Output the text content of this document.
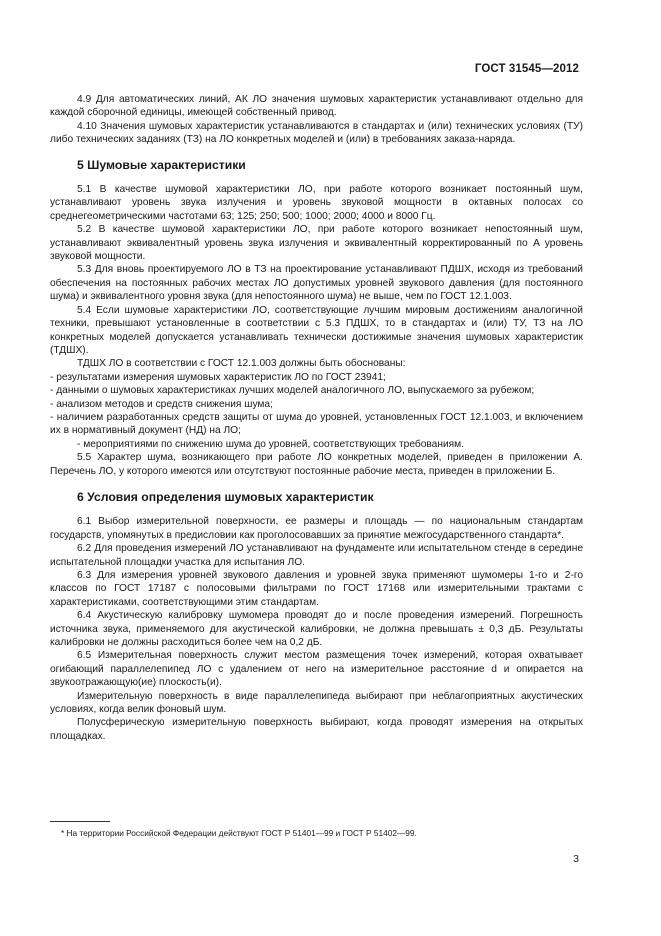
ГОСТ 31545—2012

4.9 Для автоматических линий, АК ЛО значения шумовых характеристик устанавливают отдельно для каждой сборочной единицы, имеющей собственный привод.

4.10 Значения шумовых характеристик устанавливаются в стандартах и (или) технических условиях (ТУ) либо технических заданиях (ТЗ) на ЛО конкретных моделей и (или) в требованиях заказа-наряда.

5 Шумовые характеристики

5.1 В качестве шумовой характеристики ЛО, при работе которого возникает постоянный шум, устанавливают уровень звука излучения и уровень звуковой мощности в октавных полосах со среднегеометрическими частотами 63; 125; 250; 500; 1000; 2000; 4000 и 8000 Гц.

5.2 В качестве шумовой характеристики ЛО, при работе которого возникает непостоянный шум, устанавливают эквивалентный уровень звука излучения и эквивалентный корректированный по A уровень звуковой мощности.

5.3 Для вновь проектируемого ЛО в ТЗ на проектирование устанавливают ПДШХ, исходя из требований обеспечения на постоянных рабочих местах ЛО допустимых уровней звукового давления (для постоянного шума) и эквивалентного уровня звука (для непостоянного шума) не выше, чем по ГОСТ 12.1.003.

5.4 Если шумовые характеристики ЛО, соответствующие лучшим мировым достижениям аналогичной техники, превышают установленные в соответствии с 5.3 ПДШХ, то в стандартах и (или) ТУ, ТЗ на ЛО конкретных моделей допускается устанавливать технически достижимые значения шумовых характеристик (ТДШХ).

ТДШХ ЛО в соответствии с ГОСТ 12.1.003 должны быть обоснованы:

- результатами измерения шумовых характеристик ЛО по ГОСТ 23941;

- данными о шумовых характеристиках лучших моделей аналогичного ЛО, выпускаемого за рубежом;

- анализом методов и средств снижения шума;

- наличием разработанных средств защиты от шума до уровней, установленных ГОСТ 12.1.003, и включением их в нормативный документ (НД) на ЛО;

- мероприятиями по снижению шума до уровней, соответствующих требованиям.

5.5 Характер шума, возникающего при работе ЛО конкретных моделей, приведен в приложении А. Перечень ЛО, у которого имеются или отсутствуют постоянные рабочие места, приведен в приложении Б.

6 Условия определения шумовых характеристик

6.1 Выбор измерительной поверхности, ее размеры и площадь — по национальным стандартам государств, упомянутых в предисловии как проголосовавших за принятие межгосударственного стандарта*.

6.2 Для проведения измерений ЛО устанавливают на фундаменте или испытательном стенде в середине испытательной площадки участка для испытания ЛО.

6.3 Для измерения уровней звукового давления и уровней звука применяют шумомеры 1-го и 2-го классов по ГОСТ 17187 с полосовыми фильтрами по ГОСТ 17168 или измерительными трактами с характеристиками, соответствующими этим стандартам.

6.4 Акустическую калибровку шумомера проводят до и после проведения измерений. Погрешность источника звука, применяемого для акустической калибровки, не должна превышать ± 0,3 дБ. Результаты калибровки не должны расходиться более чем на 0,2 дБ.

6.5 Измерительная поверхность служит местом размещения точек измерений, которая охватывает огибающий параллелепипед ЛО с удалением от него на измерительное расстояние d и опирается на звукоотражающую(ие) плоскость(и).

Измерительную поверхность в виде параллелепипеда выбирают при неблагоприятных акустических условиях, когда велик фоновый шум.

Полусферическую измерительную поверхность выбирают, когда проводят измерения на открытых площадках.

* На территории Российской Федерации действуют ГОСТ Р 51401—99 и ГОСТ Р 51402—99.
3
